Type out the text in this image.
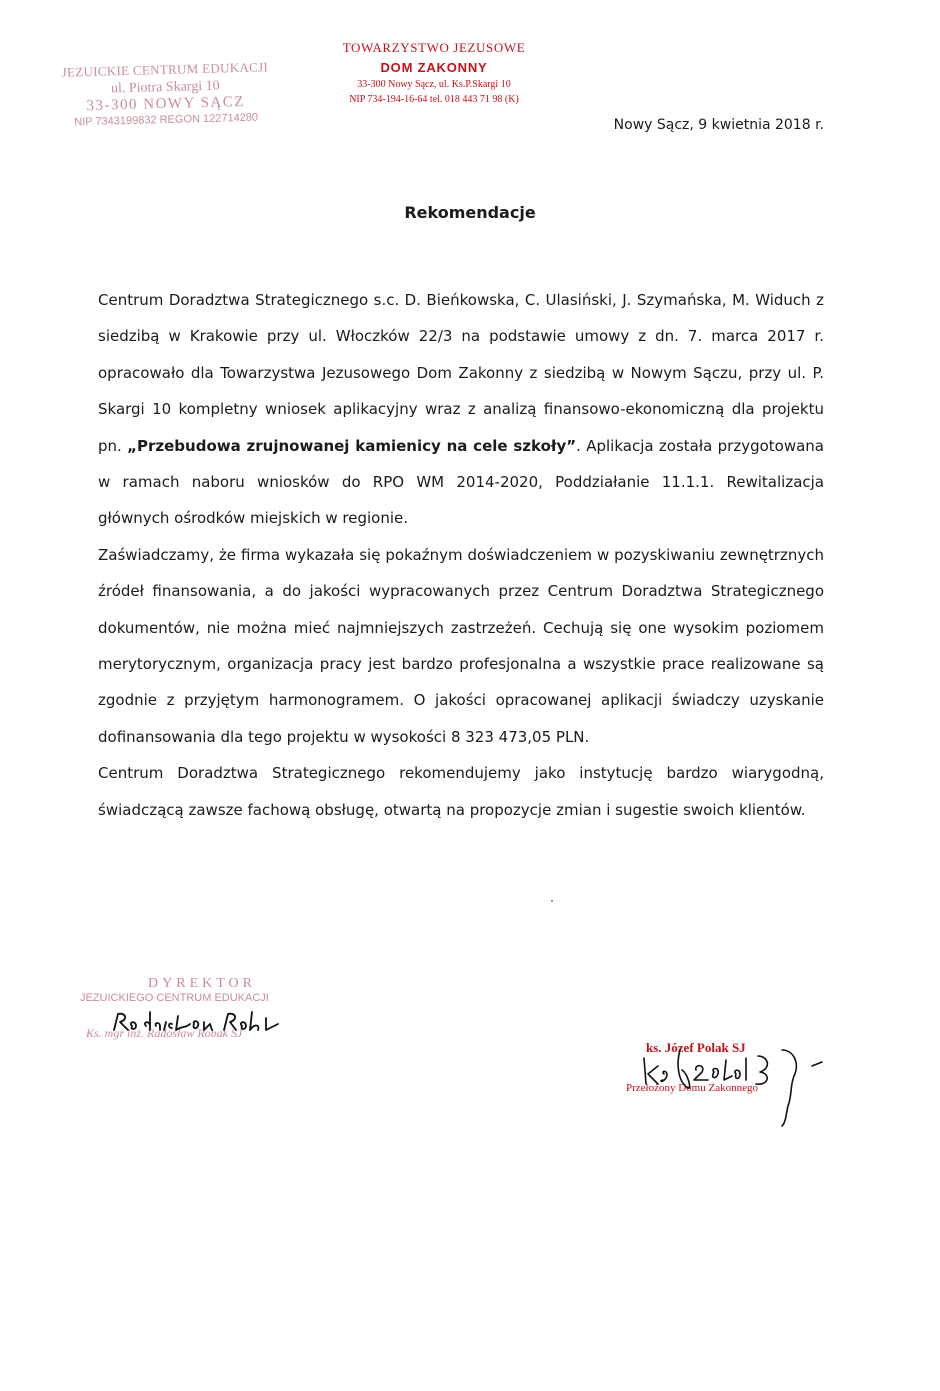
JEZUICKIE CENTRUM EDUKACJI
ul. Piotra Skargi 10
33-300 NOWY SĄCZ
NIP 7343199832 REGON 122714280
TOWARZYSTWO JEZUSOWE
DOM ZAKONNY
33-300 Nowy Sącz, ul. Ks.P.Skargi 10
NIP 734-194-16-64 tel. 018 443 71 98 (K)
Nowy Sącz, 9 kwietnia 2018 r.
Rekomendacje

Centrum Doradztwa Strategicznego s.c. D. Bieńkowska, C. Ulasiński, J. Szymańska, M. Widuch z siedzibą w Krakowie przy ul. Włoczków 22/3 na podstawie umowy z dn. 7. marca 2017 r. opracowało dla Towarzystwa Jezusowego Dom Zakonny z siedzibą w Nowym Sączu, przy ul. P. Skargi 10 kompletny wniosek aplikacyjny wraz z analizą finansowo-ekonomiczną dla projektu pn. „Przebudowa zrujnowanej kamienicy na cele szkoły”. Aplikacja została przygotowana w ramach naboru wniosków do RPO WM 2014-2020, Poddziałanie 11.1.1. Rewitalizacja głównych ośrodków miejskich w regionie.

Zaświadczamy, że firma wykazała się pokaźnym doświadczeniem w pozyskiwaniu zewnętrznych źródeł finansowania, a do jakości wypracowanych przez Centrum Doradztwa Strategicznego dokumentów, nie można mieć najmniejszych zastrzeżeń. Cechują się one wysokim poziomem merytorycznym, organizacja pracy jest bardzo profesjonalna a wszystkie prace realizowane są zgodnie z przyjętym harmonogramem. O jakości opracowanej aplikacji świadczy uzyskanie dofinansowania dla tego projektu w wysokości 8 323 473,05 PLN.

Centrum Doradztwa Strategicznego rekomendujemy jako instytucję bardzo wiarygodną, świadczącą zawsze fachową obsługę, otwartą na propozycje zmian i sugestie swoich klientów.

DYREKTOR
JEZUICKIEGO CENTRUM EDUKACJI
Ks. mgr inż. Radosław Robak SJ
ks. Józef Polak SJ
Przełożony Domu Zakonnego
